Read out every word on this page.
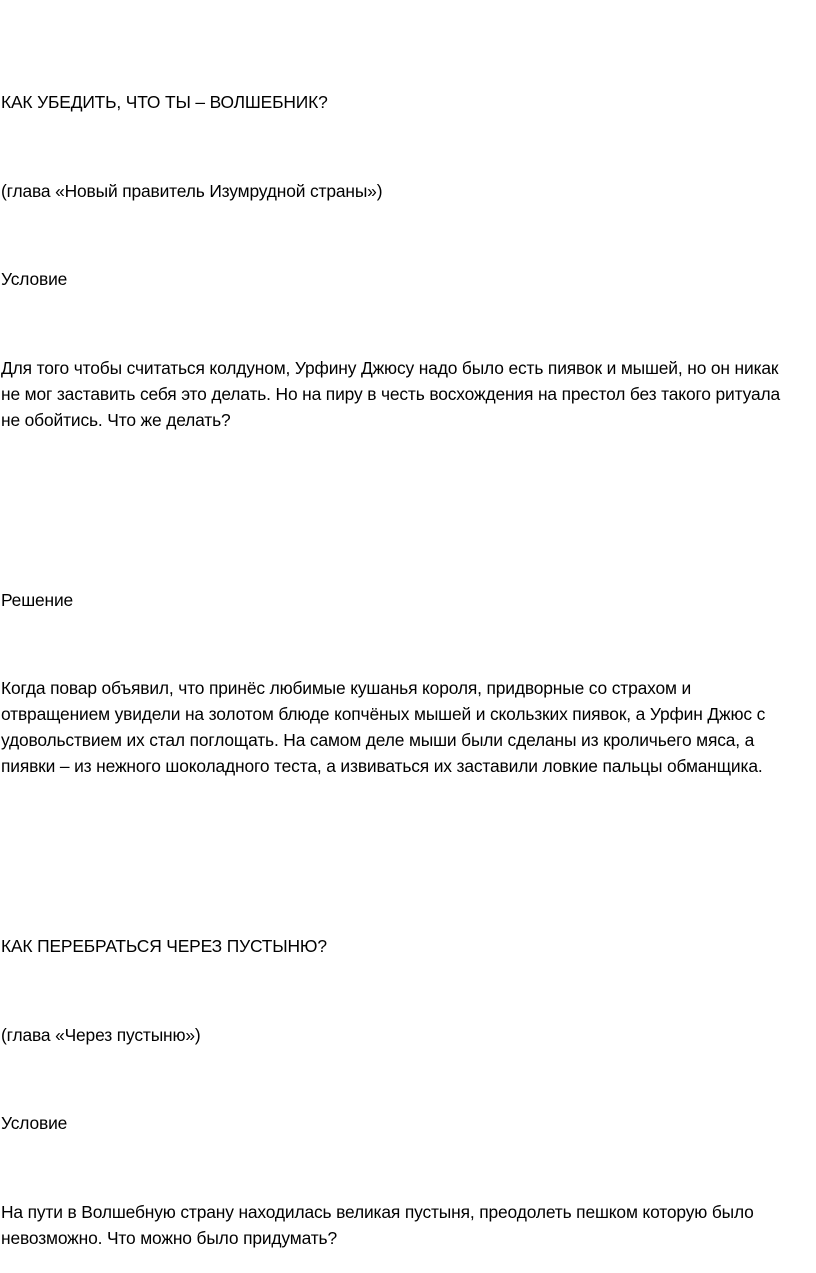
КАК УБЕДИТЬ, ЧТО ТЫ – ВОЛШЕБНИК?
(глава «Новый правитель Изумрудной страны»)
Условие
Для того чтобы считаться колдуном, Урфину Джюсу надо было есть пиявок и мышей, но он никак
не мог заставить себя это делать. Но на пиру в честь восхождения на престол без такого ритуала
не обойтись. Что же делать?
Решение
Когда повар объявил, что принёс любимые кушанья короля, придворные со страхом и
отвращением увидели на золотом блюде копчёных мышей и скользких пиявок, а Урфин Джюс с
удовольствием их стал поглощать. На самом деле мыши были сделаны из кроличьего мяса, а
пиявки – из нежного шоколадного теста, а извиваться их заставили ловкие пальцы обманщика.
КАК ПЕРЕБРАТЬСЯ ЧЕРЕЗ ПУСТЫНЮ?
(глава «Через пустыню»)
Условие
На пути в Волшебную страну находилась великая пустыня, преодолеть пешком которую было
невозможно. Что можно было придумать?
